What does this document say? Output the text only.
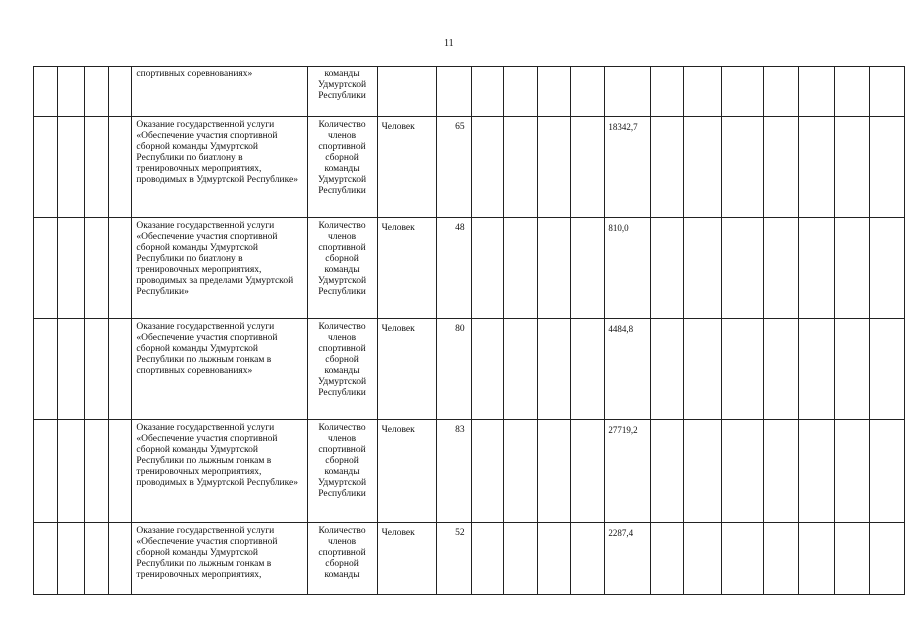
11
				спортивных соревнованиях»	команды Удмуртской Республики														
				Оказание государственной услуги «Обеспечение участия спортивной сборной команды Удмуртской Республики по биатлону в тренировочных мероприятиях, проводимых в Удмуртской Республике»	Количество членов спортивной сборной команды Удмуртской Республики	Человек	65					18342,7							
				Оказание государственной услуги «Обеспечение участия спортивной сборной команды Удмуртской Республики по биатлону в тренировочных мероприятиях, проводимых за пределами Удмуртской Республики»	Количество членов спортивной сборной команды Удмуртской Республики	Человек	48					810,0							
				Оказание государственной услуги «Обеспечение участия спортивной сборной команды Удмуртской Республики по лыжным гонкам в спортивных соревнованиях»	Количество членов спортивной сборной команды Удмуртской Республики	Человек	80					4484,8							
				Оказание государственной услуги «Обеспечение участия спортивной сборной команды Удмуртской Республики по лыжным гонкам в тренировочных мероприятиях, проводимых в Удмуртской Республике»	Количество членов спортивной сборной команды Удмуртской Республики	Человек	83					27719,2							
				Оказание государственной услуги «Обеспечение участия спортивной сборной команды Удмуртской Республики по лыжным гонкам в тренировочных мероприятиях,	Количество членов спортивной сборной команды	Человек	52					2287,4							
